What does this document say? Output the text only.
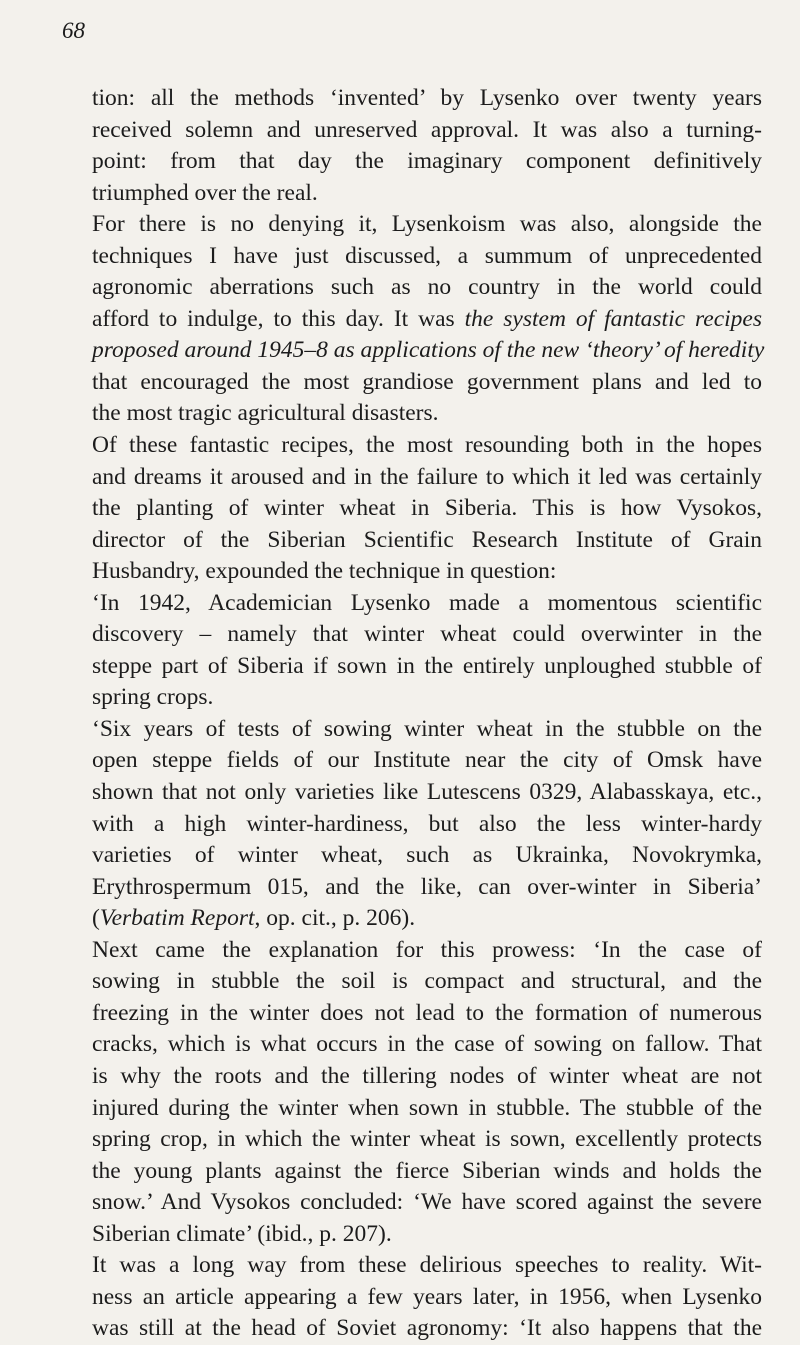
68
tion: all the methods ‘invented’ by Lysenko over twenty years
received solemn and unreserved approval. It was also a turning-
point: from that day the imaginary component definitively
triumphed over the real.
For there is no denying it, Lysenkoism was also, alongside the
techniques I have just discussed, a summum of unprecedented
agronomic aberrations such as no country in the world could
afford to indulge, to this day. It was the system of fantastic recipes
proposed around 1945–8 as applications of the new ‘theory’ of heredity
that encouraged the most grandiose government plans and led to
the most tragic agricultural disasters.
Of these fantastic recipes, the most resounding both in the hopes
and dreams it aroused and in the failure to which it led was certainly
the planting of winter wheat in Siberia. This is how Vysokos,
director of the Siberian Scientific Research Institute of Grain
Husbandry, expounded the technique in question:
‘In 1942, Academician Lysenko made a momentous scientific
discovery – namely that winter wheat could overwinter in the
steppe part of Siberia if sown in the entirely unploughed stubble of
spring crops.
‘Six years of tests of sowing winter wheat in the stubble on the
open steppe fields of our Institute near the city of Omsk have
shown that not only varieties like Lutescens 0329, Alabasskaya, etc.,
with a high winter-hardiness, but also the less winter-hardy
varieties of winter wheat, such as Ukrainka, Novokrymka,
Erythrospermum 015, and the like, can over-winter in Siberia’
(Verbatim Report, op. cit., p. 206).
Next came the explanation for this prowess: ‘In the case of
sowing in stubble the soil is compact and structural, and the
freezing in the winter does not lead to the formation of numerous
cracks, which is what occurs in the case of sowing on fallow. That
is why the roots and the tillering nodes of winter wheat are not
injured during the winter when sown in stubble. The stubble of the
spring crop, in which the winter wheat is sown, excellently protects
the young plants against the fierce Siberian winds and holds the
snow.’ And Vysokos concluded: ‘We have scored against the severe
Siberian climate’ (ibid., p. 207).
It was a long way from these delirious speeches to reality. Wit-
ness an article appearing a few years later, in 1956, when Lysenko
was still at the head of Soviet agronomy: ‘It also happens that the
